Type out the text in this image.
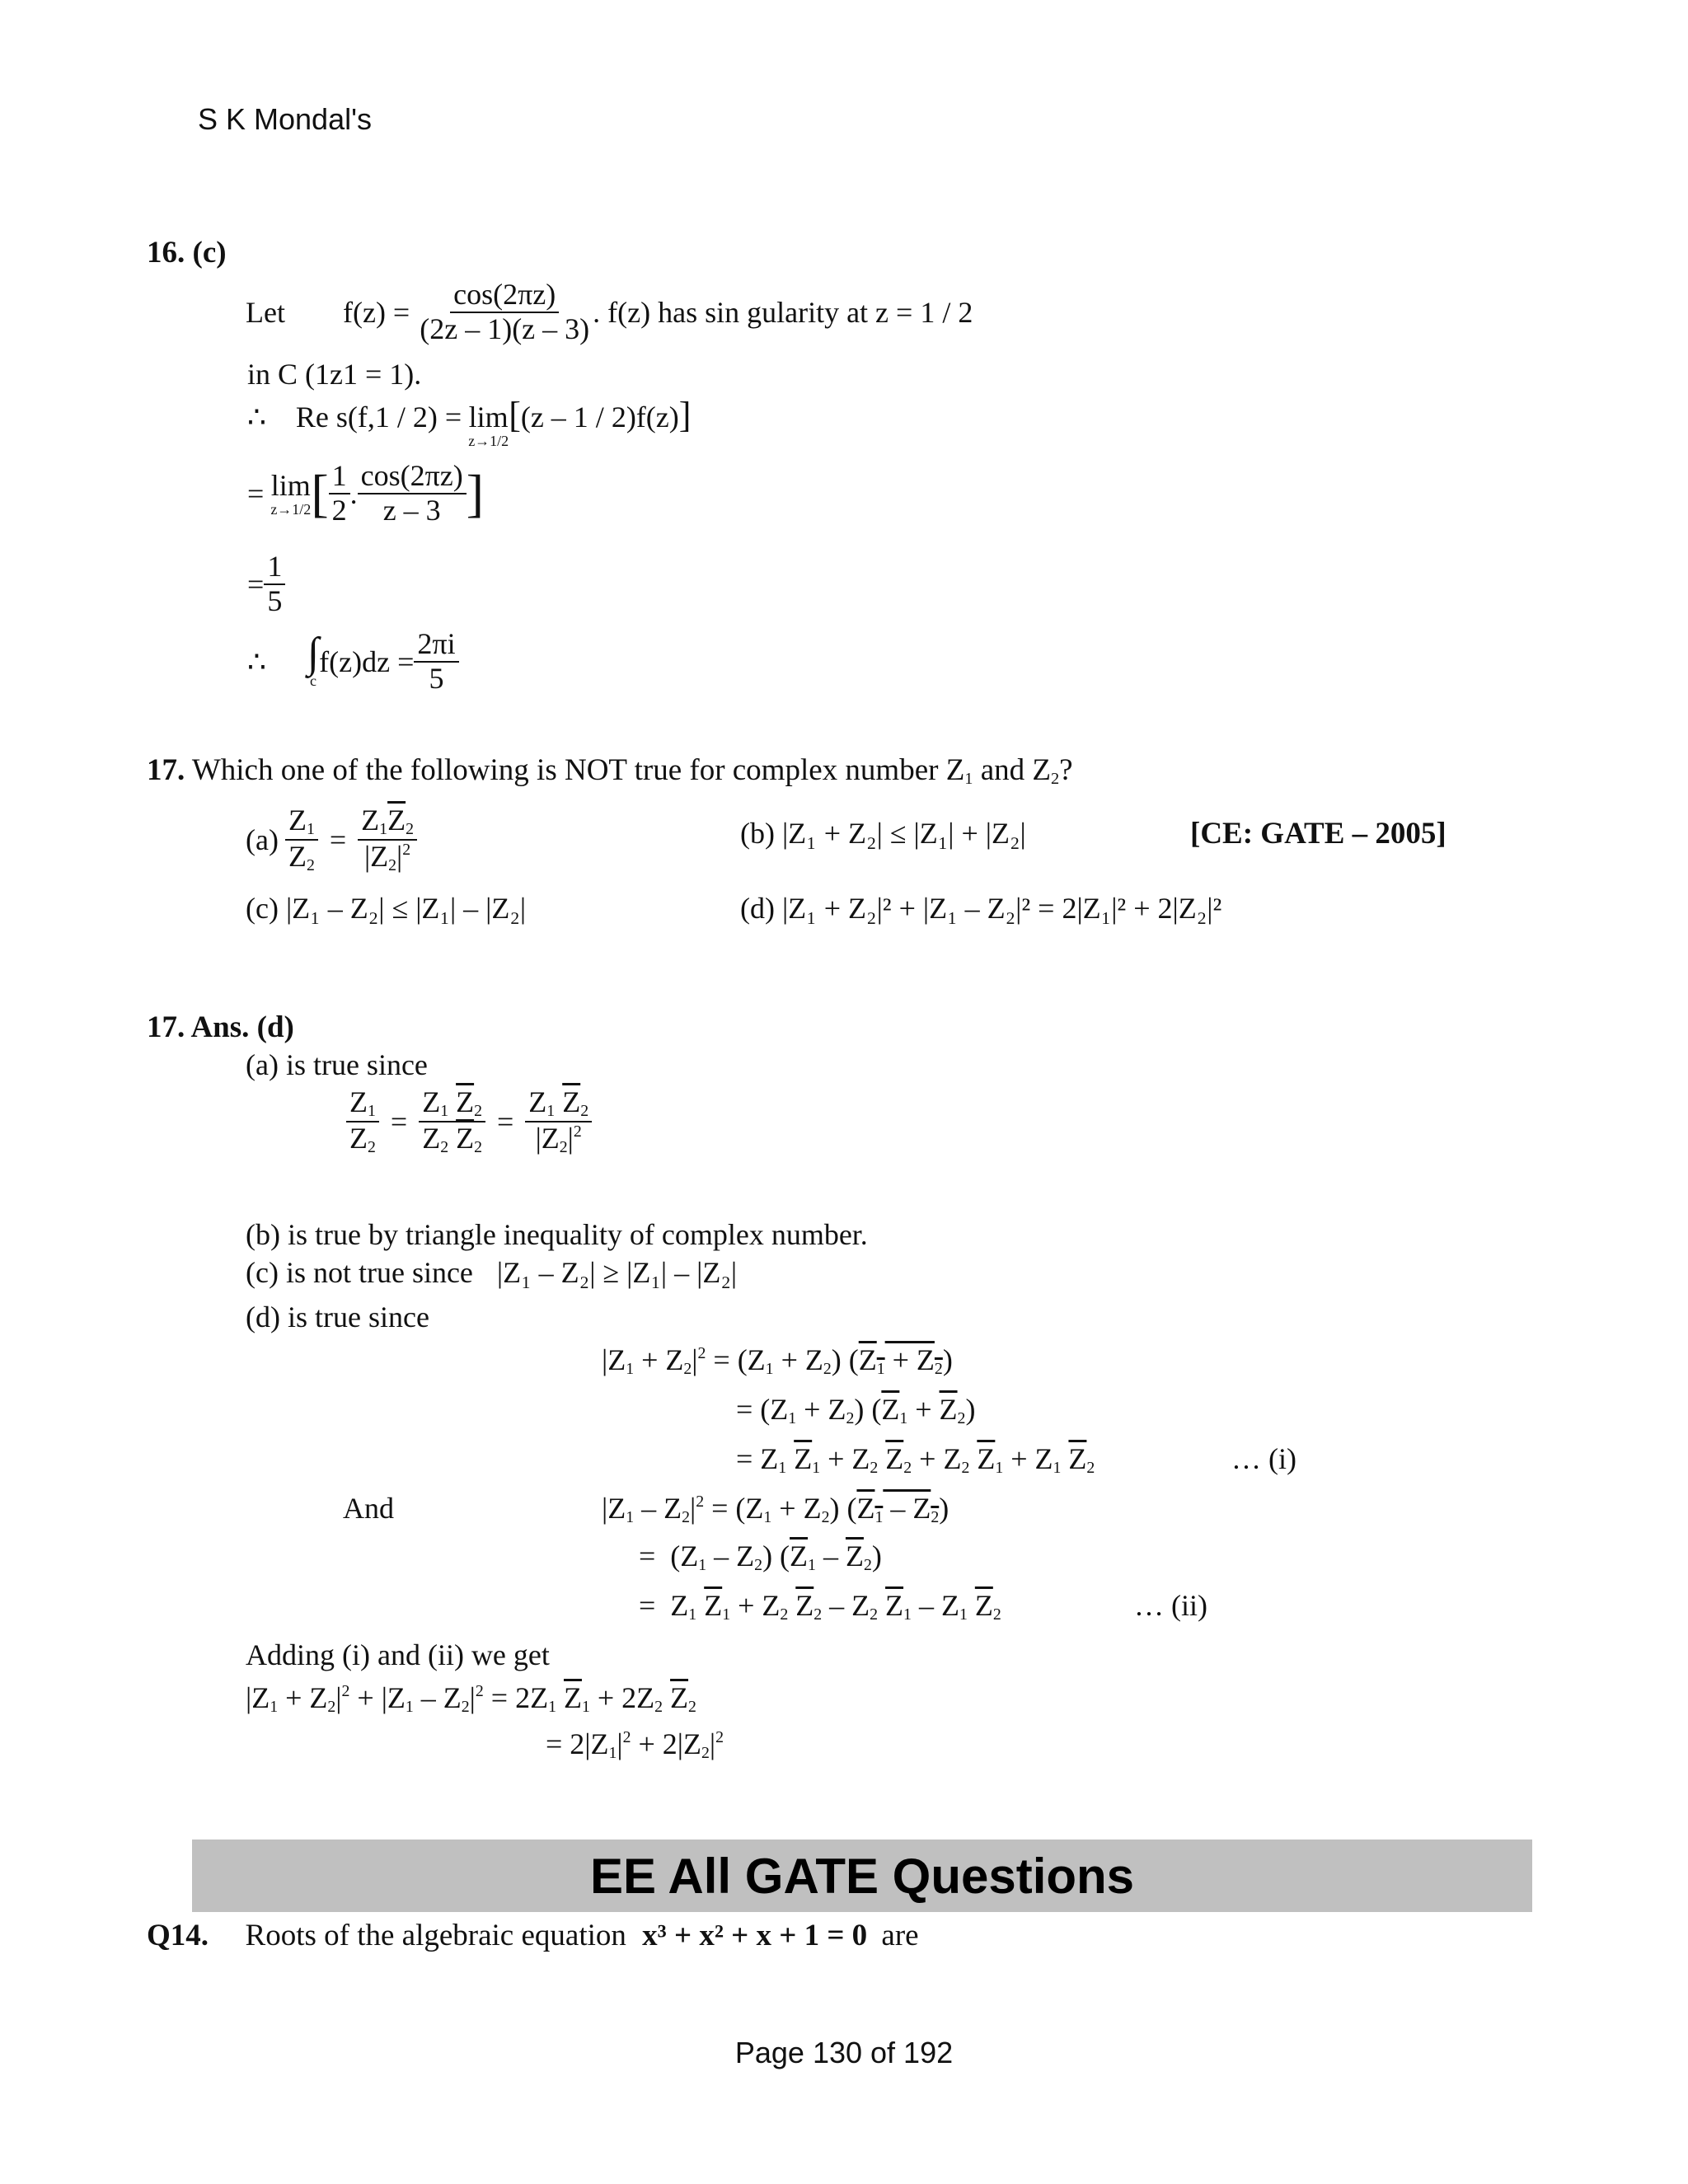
S K Mondal's
16. (c)
Let $f(z) = \frac{\cos(2\pi z)}{(2z - 1)(z - 3)}$ . f(z) has sin gularity at z = 1 / 2
in C (1z1 = 1).
∴ Re s(f,1 / 2) = lim
z→1/2
[ (z – 1 / 2)f(z) ]
= lim
z→1/2 [ $\frac{1}{2}$ . $\frac{\cos(2\pi z)}{z - 3}$ ]
= $\frac{1}{5}$
∴ ∫
c
$f(z)dz = \frac{2\pi i}{5}$
17. Which one of the following is NOT true for complex number $Z_1$ and $Z_2$?
$(a) \frac{Z_1}{Z_2} = \frac{Z_1\overline{Z}_2}{|Z_2|^2}$	(b) |Z₁ + Z₂| ≤ |Z₁| + |Z₂|	[CE: GATE – 2005]
(c) |Z₁ – Z₂| ≤ |Z₁| – |Z₂|	(d) |Z₁ + Z₂|² + |Z₁ – Z₂|² = 2|Z₁|² + 2|Z₂|²
17. Ans. (d)
(a) is true since
$\frac{Z_1}{Z_2} = \frac{Z_1 \overline{Z}_2}{Z_2 \overline{Z}_2} = \frac{Z_1 \overline{Z}_2}{|Z_2|^2}$
(b) is true by triangle inequality of complex number.
(c) is not true since |Z₁ – Z₂| ≥ |Z₁| – |Z₂|
(d) is true since
$|Z_1 + Z_2|^2 = (Z_1 + Z_2) (Z_1 + Z_2)$
= $(Z_1 + Z_2) (\overline{Z}_1 + \overline{Z}_2)$
= $Z_1$ $\overline{Z}_1 + Z_2$ $\overline{Z}_2 + Z_2$ $\overline{Z}_1 + Z_1$ $\overline{Z}_2$	… (i)
And	$|Z_1 - Z_2|^2 = (Z_1 + Z_2)$ $(Z_1 - Z_2)$
=  $(Z_1 - Z_2)$ $(\overline{Z}_1 - \overline{Z}_2)$
=  $Z_1$ $\overline{Z}_1 + Z_2$ $\overline{Z}_2 - Z_2$ $\overline{Z}_1 - Z_1$ $\overline{Z}_2$	… (ii)
Adding (i) and (ii) we get
$|Z_1 + Z_2|^2 + |Z_1 - Z_2|^2 = 2Z_1$ $\overline{Z}_1 + 2Z_2$ $\overline{Z}_2$
= $2|Z_1|^2 + 2|Z_2|^2$
EE All GATE Questions
Q14. Roots of the algebraic equation x³ + x² + x + 1 = 0 are
Page 130 of 192
